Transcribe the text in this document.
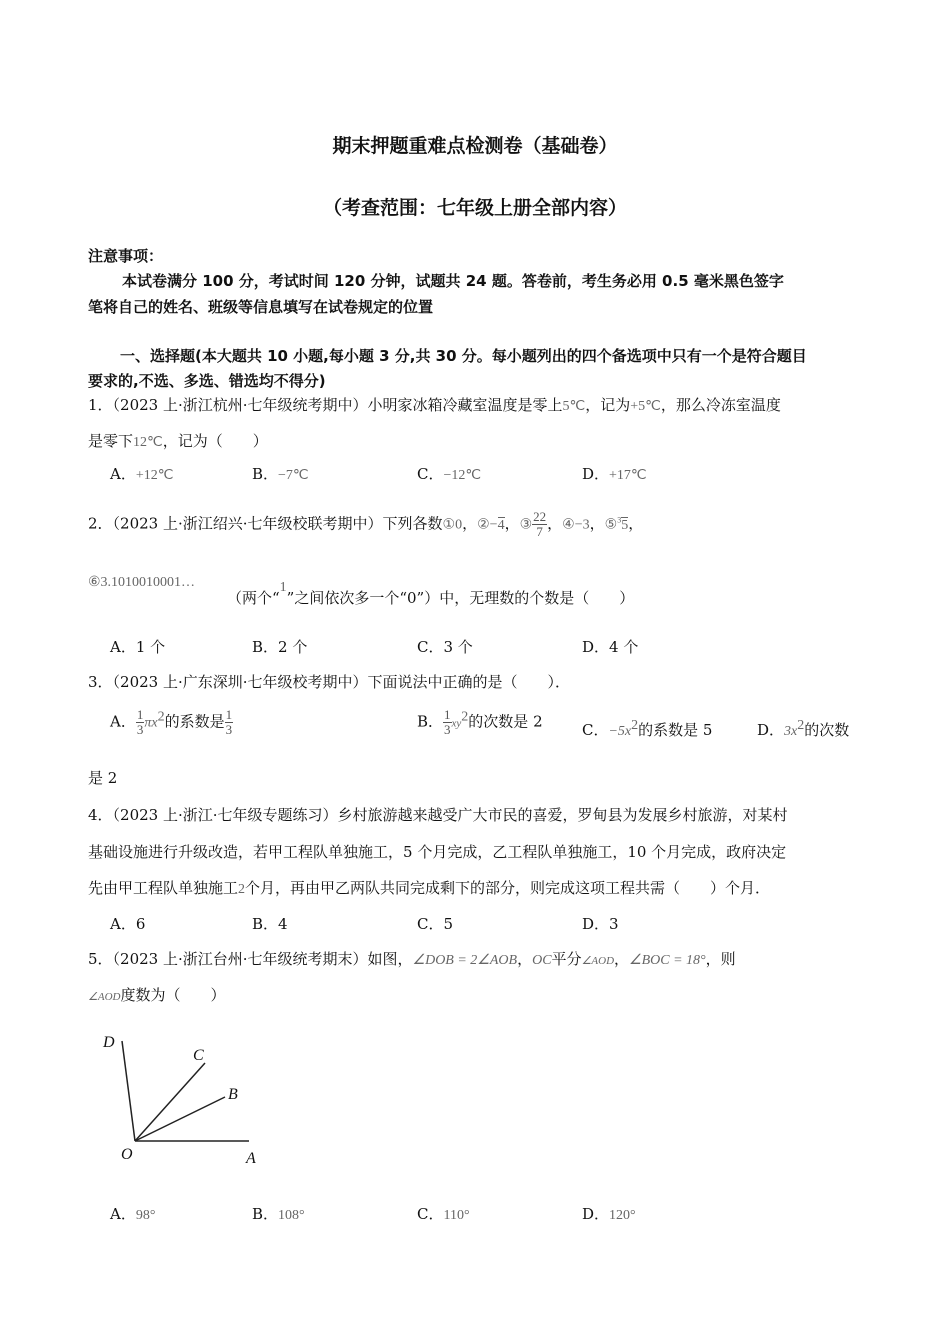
期末押题重难点检测卷（基础卷）
（考查范围：七年级上册全部内容）
注意事项：
本试卷满分 100 分，考试时间 120 分钟，试题共 24 题。答卷前，考生务必用 0.5 毫米黑色签字
笔将自己的姓名、班级等信息填写在试卷规定的位置
一、选择题(本大题共 10 小题,每小题 3 分,共 30 分。每小题列出的四个备选项中只有一个是符合题目
要求的,不选、多选、错选均不得分)
1．（2023 上·浙江杭州·七年级统考期中）小明家冰箱冷藏室温度是零上5℃，记为+5℃，那么冷冻室温度
是零下12℃，记为（　　）
A．+12℃	B．−7℃	C．−12℃	D．+17℃
2．（2023 上·浙江绍兴·七年级校联考期中）下列各数①0，②−4，③ $\frac{22}{7}$ ，④−3，⑤$^3$5，
⑥3.1010010001…
（两个“1”之间依次多一个“0”）中，无理数的个数是（　　）
A．1 个	B．2 个	C．3 个	D．4 个
3．（2023 上·广东深圳·七年级校考期中）下面说法中正确的是（　　）．
A． $\frac{1}{3} \pi x^2$的系数是 $\frac{1}{3}$	B． $\frac{1}{3} xy^2$的次数是 2	C．$-5x^2$的系数是 5	D．$3x^2$的次数
是 2
4．（2023 上·浙江·七年级专题练习）乡村旅游越来越受广大市民的喜爱，罗甸县为发展乡村旅游，对某村
基础设施进行升级改造，若甲工程队单独施工，5 个月完成，乙工程队单独施工，10 个月完成，政府决定
先由甲工程队单独施工2个月，再由甲乙两队共同完成剩下的部分，则完成这项工程共需（　　）个月．
A．6	B．4	C．5	D．3
5．（2023 上·浙江台州·七年级统考期末）如图，∠DOB = 2∠AOB，OC平分∠AOD，∠BOC = 18°，则
∠AOD度数为（　　）
D
C
B
O	A
A．98°	B．108°	C．110°	D．120°
